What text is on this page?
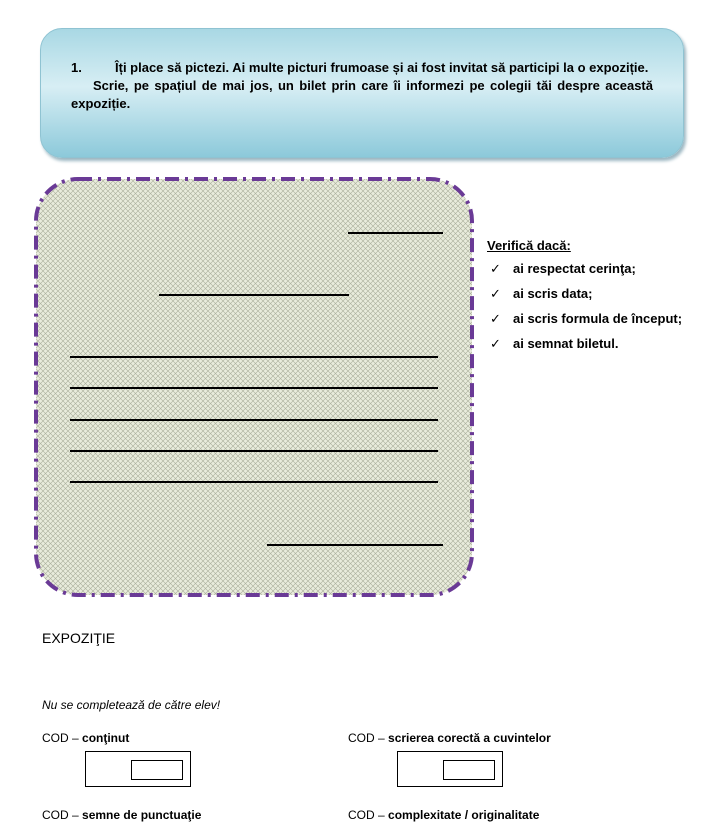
1.	Îți place să pictezi. Ai multe picturi frumoase și ai fost invitat să participi la o expoziție.
Scrie, pe spațiul de mai jos, un bilet prin care îi informezi pe colegii tăi despre această expoziție.
Verifică dacă:
✓ ai respectat cerinţa;
✓ ai scris data;
✓ ai scris formula de început;
✓ ai semnat biletul.
EXPOZIŢIE
Nu se completează de către elev!
COD – conţinut	COD – scrierea corectă a cuvintelor
COD – semne de punctuaţie	COD – complexitate / originalitate
